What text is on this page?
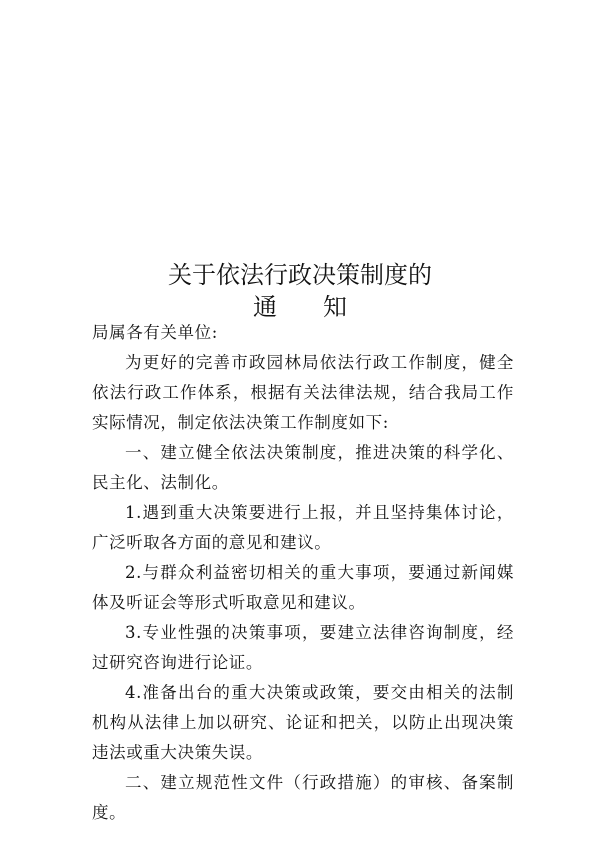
关于依法行政决策制度的
通 知
局属各有关单位:

为更好的完善市政园林局依法行政工作制度，健全依法行政工作体系，根据有关法律法规，结合我局工作实际情况，制定依法决策工作制度如下:

一、建立健全依法决策制度，推进决策的科学化、民主化、法制化。

1.遇到重大决策要进行上报，并且坚持集体讨论，广泛听取各方面的意见和建议。

2.与群众利益密切相关的重大事项，要通过新闻媒体及听证会等形式听取意见和建议。

3.专业性强的决策事项，要建立法律咨询制度，经过研究咨询进行论证。

4.准备出台的重大决策或政策，要交由相关的法制机构从法律上加以研究、论证和把关，以防止出现决策违法或重大决策失误。

二、建立规范性文件（行政措施）的审核、备案制度。
